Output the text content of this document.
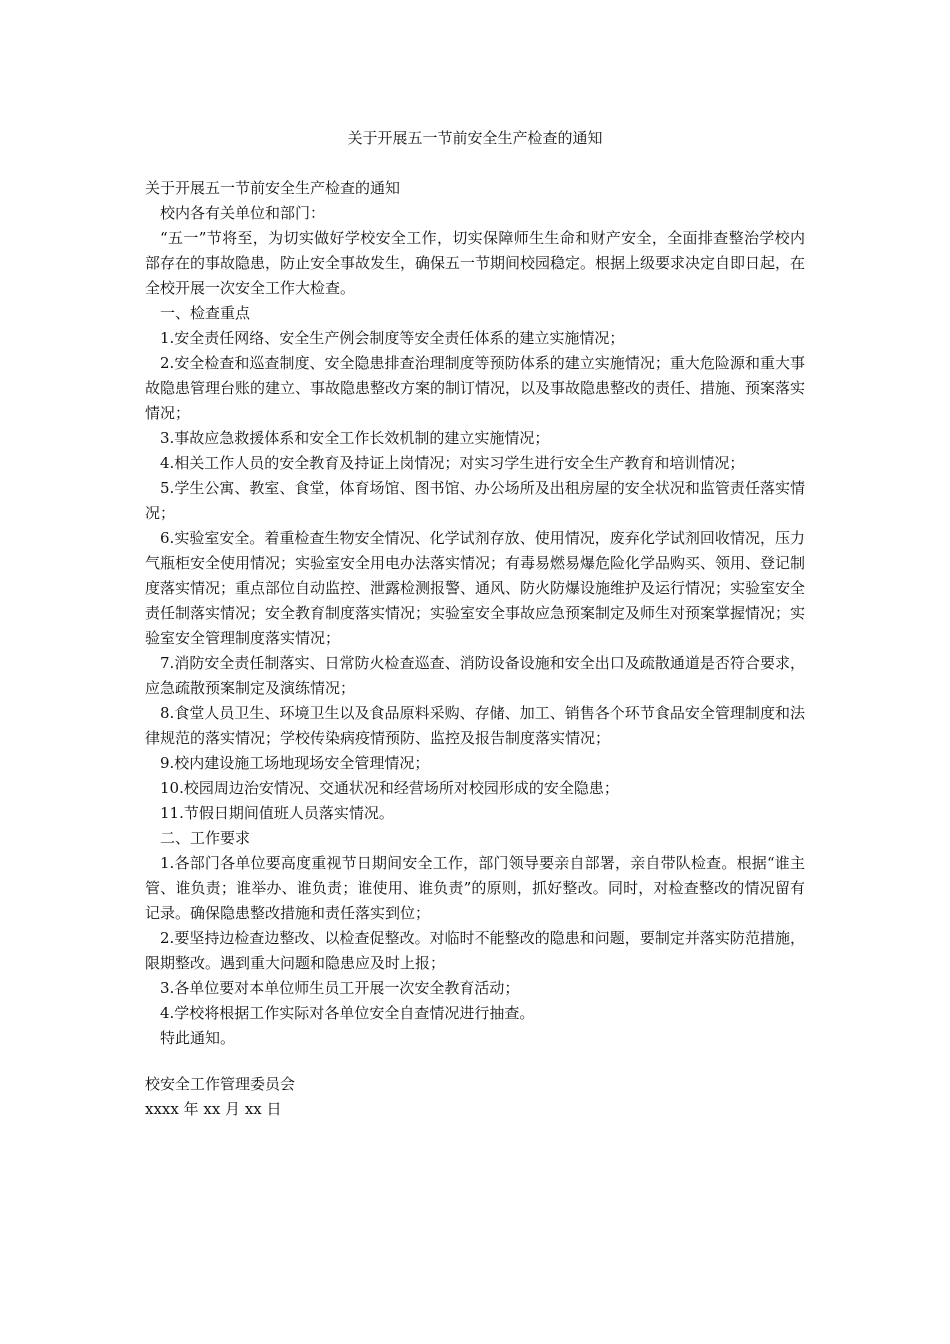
关于开展五一节前安全生产检查的通知

关于开展五一节前安全生产检查的通知

校内各有关单位和部门：

“五一”节将至，为切实做好学校安全工作，切实保障师生生命和财产安全，全面排查整治学校内部存在的事故隐患，防止安全事故发生，确保五一节期间校园稳定。根据上级要求决定自即日起，在全校开展一次安全工作大检查。

一、检查重点

1.安全责任网络、安全生产例会制度等安全责任体系的建立实施情况；

2.安全检查和巡查制度、安全隐患排查治理制度等预防体系的建立实施情况；重大危险源和重大事故隐患管理台账的建立、事故隐患整改方案的制订情况，以及事故隐患整改的责任、措施、预案落实情况；

3.事故应急救援体系和安全工作长效机制的建立实施情况；

4.相关工作人员的安全教育及持证上岗情况；对实习学生进行安全生产教育和培训情况；

5.学生公寓、教室、食堂，体育场馆、图书馆、办公场所及出租房屋的安全状况和监管责任落实情况；

6.实验室安全。着重检查生物安全情况、化学试剂存放、使用情况，废弃化学试剂回收情况，压力气瓶柜安全使用情况；实验室安全用电办法落实情况；有毒易燃易爆危险化学品购买、领用、登记制度落实情况；重点部位自动监控、泄露检测报警、通风、防火防爆设施维护及运行情况；实验室安全责任制落实情况；安全教育制度落实情况；实验室安全事故应急预案制定及师生对预案掌握情况；实验室安全管理制度落实情况；

7.消防安全责任制落实、日常防火检查巡查、消防设备设施和安全出口及疏散通道是否符合要求，应急疏散预案制定及演练情况；

8.食堂人员卫生、环境卫生以及食品原料采购、存储、加工、销售各个环节食品安全管理制度和法律规范的落实情况；学校传染病疫情预防、监控及报告制度落实情况；

9.校内建设施工场地现场安全管理情况；

10.校园周边治安情况、交通状况和经营场所对校园形成的安全隐患；

11.节假日期间值班人员落实情况。

二、工作要求

1.各部门各单位要高度重视节日期间安全工作，部门领导要亲自部署，亲自带队检查。根据“谁主管、谁负责；谁举办、谁负责；谁使用、谁负责”的原则，抓好整改。同时，对检查整改的情况留有记录。确保隐患整改措施和责任落实到位；

2.要坚持边检查边整改、以检查促整改。对临时不能整改的隐患和问题，要制定并落实防范措施，限期整改。遇到重大问题和隐患应及时上报；

3.各单位要对本单位师生员工开展一次安全教育活动；

4.学校将根据工作实际对各单位安全自查情况进行抽查。

特此通知。

校安全工作管理委员会

xxxx 年 xx 月 xx 日
